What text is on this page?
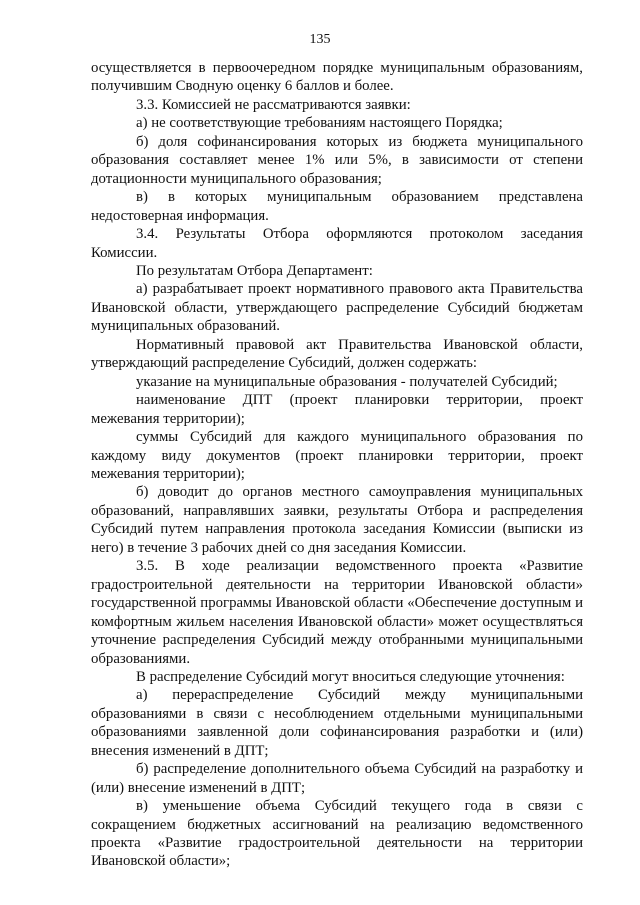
135

осуществляется в первоочередном порядке муниципальным образованиям, получившим Сводную оценку 6 баллов и более.

3.3. Комиссией не рассматриваются заявки:

а) не соответствующие требованиям настоящего Порядка;

б) доля софинансирования которых из бюджета муниципального образования составляет менее 1% или 5%, в зависимости от степени дотационности муниципального образования;

в) в которых муниципальным образованием представлена недостоверная информация.

3.4. Результаты Отбора оформляются протоколом заседания Комиссии.

По результатам Отбора Департамент:

а) разрабатывает проект нормативного правового акта Правительства Ивановской области, утверждающего распределение Субсидий бюджетам муниципальных образований.

Нормативный правовой акт Правительства Ивановской области, утверждающий распределение Субсидий, должен содержать:

указание на муниципальные образования - получателей Субсидий;

наименование ДПТ (проект планировки территории, проект межевания территории);

суммы Субсидий для каждого муниципального образования по каждому виду документов (проект планировки территории, проект межевания территории);

б) доводит до органов местного самоуправления муниципальных образований, направлявших заявки, результаты Отбора и распределения Субсидий путем направления протокола заседания Комиссии (выписки из него) в течение 3 рабочих дней со дня заседания Комиссии.

3.5. В ходе реализации ведомственного проекта «Развитие градостроительной деятельности на территории Ивановской области» государственной программы Ивановской области «Обеспечение доступным и комфортным жильем населения Ивановской области» может осуществляться уточнение распределения Субсидий между отобранными муниципальными образованиями.

В распределение Субсидий могут вноситься следующие уточнения:

а) перераспределение Субсидий между муниципальными образованиями в связи с несоблюдением отдельными муниципальными образованиями заявленной доли софинансирования разработки и (или) внесения изменений в ДПТ;

б) распределение дополнительного объема Субсидий на разработку и (или) внесение изменений в ДПТ;

в) уменьшение объема Субсидий текущего года в связи с сокращением бюджетных ассигнований на реализацию ведомственного проекта «Развитие градостроительной деятельности на территории Ивановской области»;
